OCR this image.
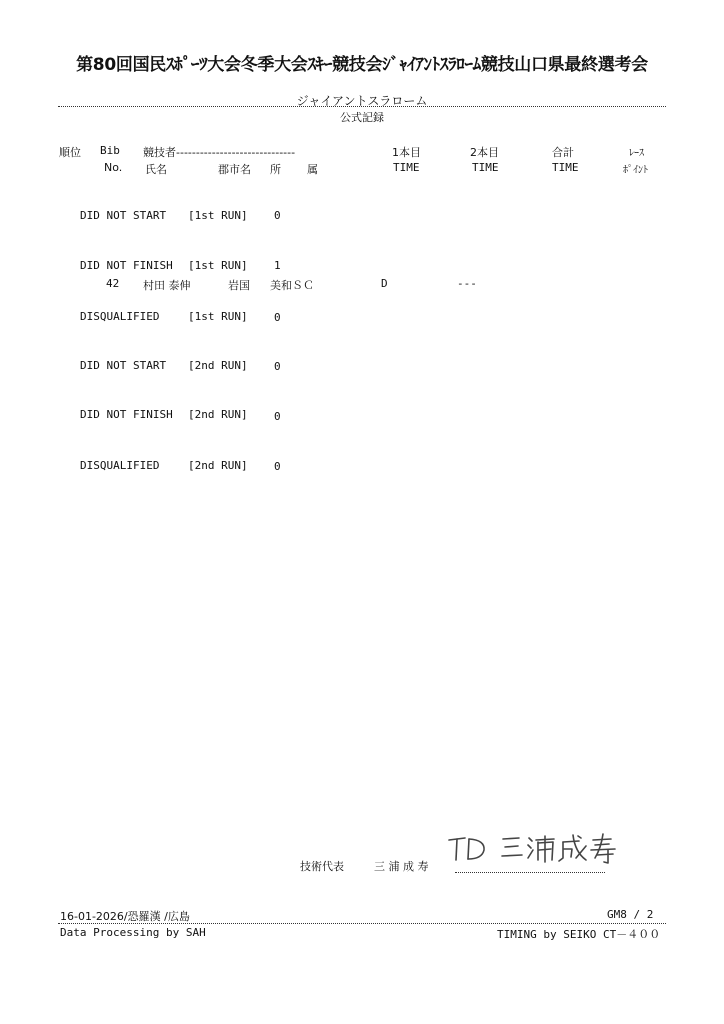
第80回国民ｽﾎﾟｰﾂ大会冬季大会ｽｷｰ競技会ｼﾞｬｲｱﾝﾄｽﾗﾛｰﾑ競技山口県最終選考会
ジャイアントスラローム
公式記録
順位 Bib 競技者------------------------------	1本目	2本目	合計	ﾚｰｽ
No. 氏名	郡市名 所 属	TIME	TIME	TIME	ﾎﾟｲﾝﾄ
DID NOT START [1st RUN] 0
DID NOT FINISH [1st RUN] 1
42 村田 泰伸	岩国 美和ＳＣ	D	---
DISQUALIFIED	[1st RUN] 0
DID NOT START [2nd RUN] 0
DID NOT FINISH [2nd RUN] 0
DISQUALIFIED	[2nd RUN] 0
技術代表	三 浦 成 寿
16-01-2026/恐羅漢 /広島	GM8 / 2
Data Processing by SAH	TIMING by SEIKO CT－４００
